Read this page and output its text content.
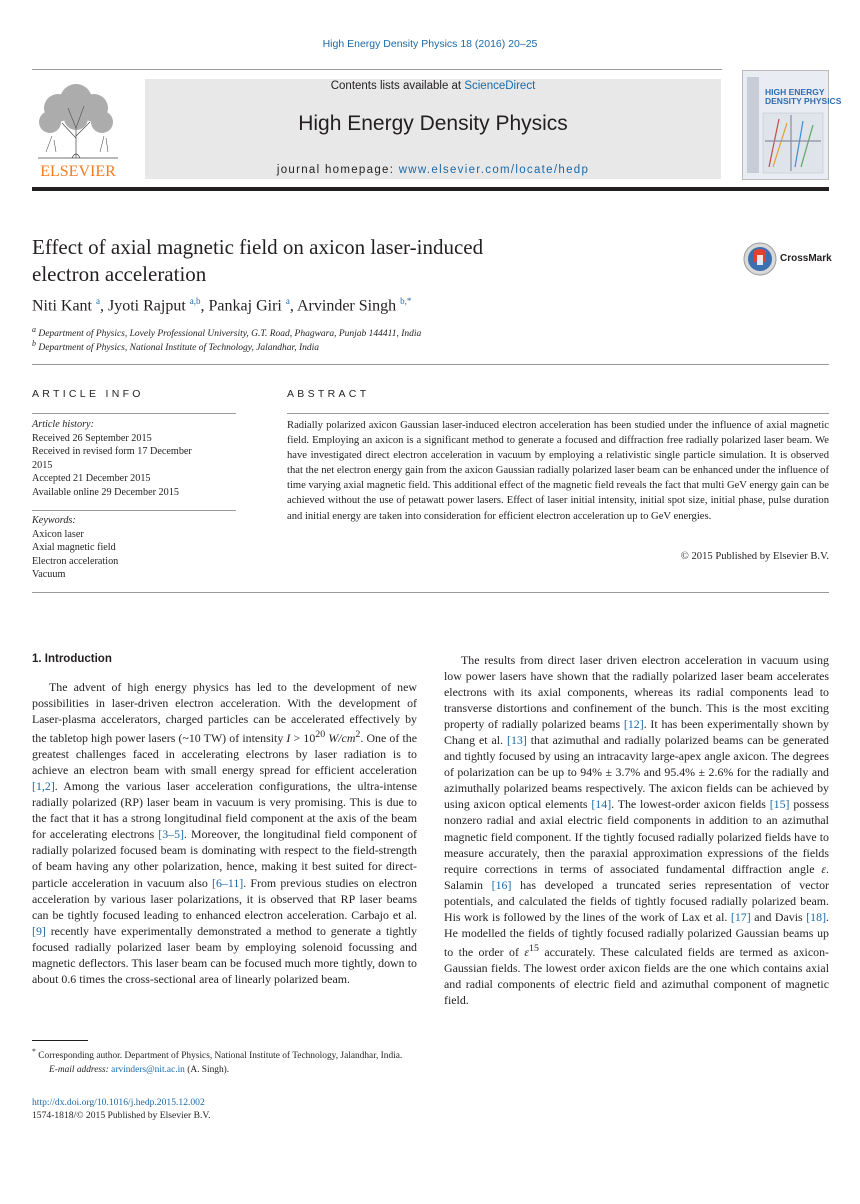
High Energy Density Physics 18 (2016) 20–25
ELSEVIER
Contents lists available at ScienceDirect
High Energy Density Physics
journal homepage: www.elsevier.com/locate/hedp
HIGH ENERGY
DENSITY PHYSICS
Effect of axial magnetic field on axicon laser-induced
electron acceleration
CrossMark
Niti Kant $^a$, Jyoti Rajput $^{a,b}$, Pankaj Giri $^a$, Arvinder Singh $^{b,*}$
$^a$ Department of Physics, Lovely Professional University, G.T. Road, Phagwara, Punjab 144411, India
$^b$ Department of Physics, National Institute of Technology, Jalandhar, India
ARTICLE INFO	ABSTRACT
Article history:
Received 26 September 2015
Received in revised form 17 December
2015
Accepted 21 December 2015
Available online 29 December 2015
Keywords:
Axicon laser
Axial magnetic field
Electron acceleration
Vacuum
Radially polarized axicon Gaussian laser-induced electron acceleration has been studied under the influence of axial magnetic field. Employing an axicon is a significant method to generate a focused and diffraction free radially polarized laser beam. We have investigated direct electron acceleration in vacuum by employing a relativistic single particle simulation. It is observed that the net electron energy gain from the axicon Gaussian radially polarized laser beam can be enhanced under the influence of time varying axial magnetic field. This additional effect of the magnetic field reveals the fact that multi GeV energy gain can be achieved without the use of petawatt power lasers. Effect of laser initial intensity, initial spot size, initial phase, pulse duration and initial energy are taken into consideration for efficient electron acceleration up to GeV energies.
© 2015 Published by Elsevier B.V.
1. Introduction
The advent of high energy physics has led to the development of new possibilities in laser-driven electron acceleration. With the development of Laser-plasma accelerators, charged particles can be accelerated effectively by the tabletop high power lasers (~10 TW) of intensity $I > 10^{20}$ $W/cm^2$. One of the greatest challenges faced in accelerating electrons by laser radiation is to achieve an electron beam with small energy spread for efficient acceleration [1,2]. Among the various laser acceleration configurations, the ultra-intense radially polarized (RP) laser beam in vacuum is very promising. This is due to the fact that it has a strong longitudinal field component at the axis of the beam for accelerating electrons [3–5]. Moreover, the longitudinal field component of radially polarized focused beam is dominating with respect to the field-strength of beam having any other polarization, hence, making it best suited for direct-particle acceleration in vacuum also [6–11]. From previous studies on electron acceleration by various laser polarizations, it is observed that RP laser beams can be tightly focused leading to enhanced electron acceleration. Carbajo et al. [9] recently have experimentally demonstrated a method to generate a tightly focused radially polarized laser beam by employing solenoid focussing and magnetic deflectors. This laser beam can be focused much more tightly, down to about 0.6 times the cross-sectional area of linearly polarized beam.
The results from direct laser driven electron acceleration in vacuum using low power lasers have shown that the radially polarized laser beam accelerates electrons with its axial components, whereas its radial components lead to transverse distortions and confinement of the bunch. This is the most exciting property of radially polarized beams [12]. It has been experimentally shown by Chang et al. [13] that azimuthal and radially polarized beams can be generated and tightly focused by using an intracavity large-apex angle axicon. The degrees of polarization can be up to 94% ± 3.7% and 95.4% ± 2.6% for the radially and azimuthally polarized beams respectively. The axicon fields can be achieved by using axicon optical elements [14]. The lowest-order axicon fields [15] possess nonzero radial and axial electric field components in addition to an azimuthal magnetic field component. If the tightly focused radially polarized fields have to measure accurately, then the paraxial approximation expressions of the fields require corrections in terms of associated fundamental diffraction angle ε. Salamin [16] has developed a truncated series representation of vector potentials, and calculated the fields of tightly focused radially polarized beam. His work is followed by the lines of the work of Lax et al. [17] and Davis [18]. He modelled the fields of tightly focused radially polarized Gaussian beams up to the order of $\varepsilon^{15}$ accurately. These calculated fields are termed as axicon-Gaussian fields. The lowest order axicon fields are the one which contains axial and radial components of electric field and azimuthal component of magnetic field.
* Corresponding author. Department of Physics, National Institute of Technology, Jalandhar, India.
E-mail address: arvinders@nit.ac.in (A. Singh).
http://dx.doi.org/10.1016/j.hedp.2015.12.002
1574-1818/© 2015 Published by Elsevier B.V.
